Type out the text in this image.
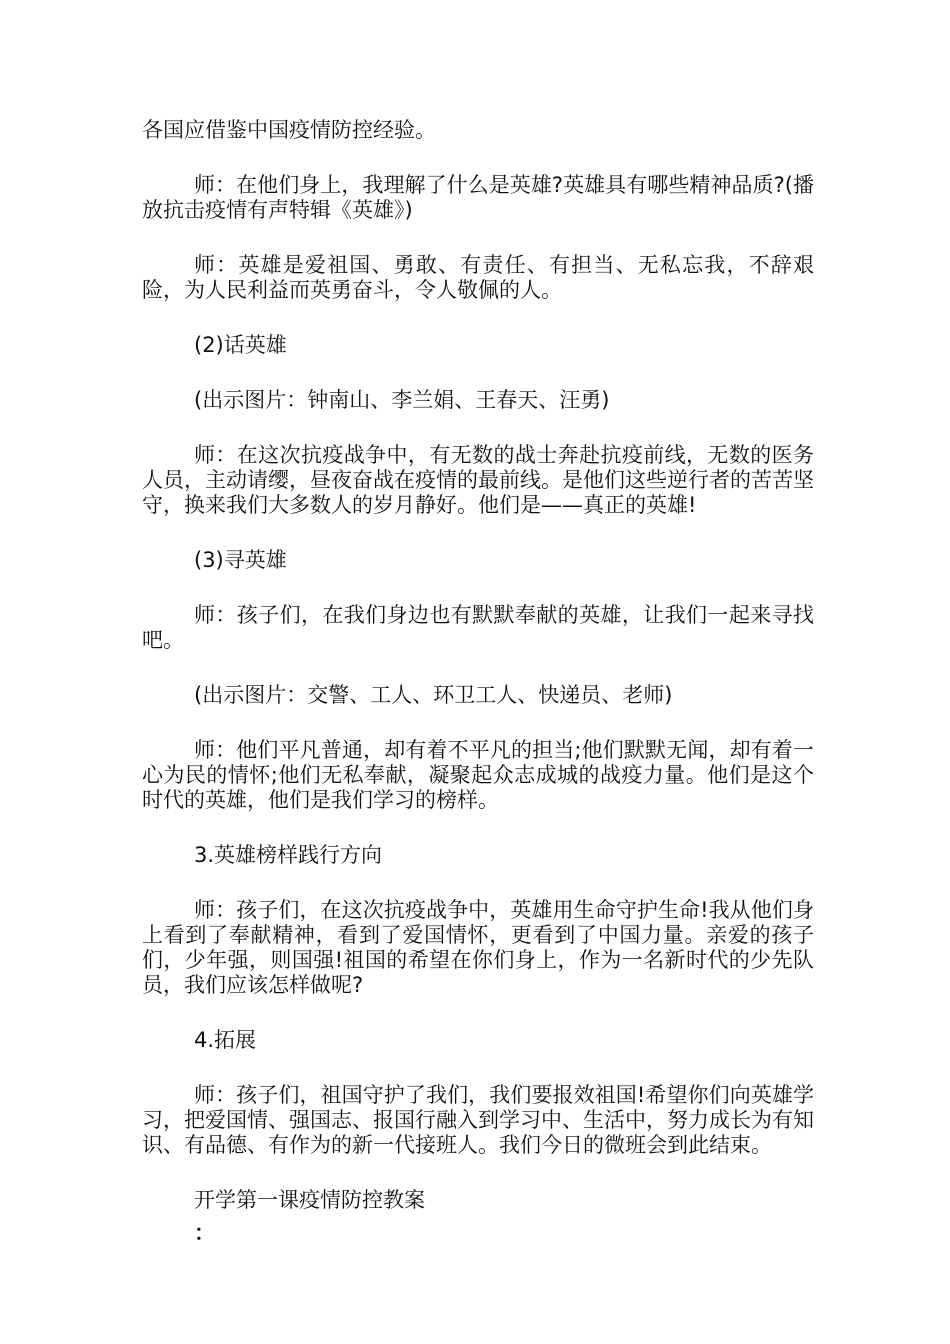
各国应借鉴中国疫情防控经验。

师：在他们身上，我理解了什么是英雄?英雄具有哪些精神品质?(播放抗击疫情有声特辑《英雄》)

师：英雄是爱祖国、勇敢、有责任、有担当、无私忘我，不辞艰险，为人民利益而英勇奋斗，令人敬佩的人。

(2)话英雄

(出示图片：钟南山、李兰娟、王春天、汪勇)

师：在这次抗疫战争中，有无数的战士奔赴抗疫前线，无数的医务人员，主动请缨，昼夜奋战在疫情的最前线。是他们这些逆行者的苦苦坚守，换来我们大多数人的岁月静好。他们是——真正的英雄!

(3)寻英雄

师：孩子们，在我们身边也有默默奉献的英雄，让我们一起来寻找吧。

(出示图片：交警、工人、环卫工人、快递员、老师)

师：他们平凡普通，却有着不平凡的担当;他们默默无闻，却有着一心为民的情怀;他们无私奉献，凝聚起众志成城的战疫力量。他们是这个时代的英雄，他们是我们学习的榜样。

3.英雄榜样践行方向

师：孩子们，在这次抗疫战争中，英雄用生命守护生命!我从他们身上看到了奉献精神，看到了爱国情怀，更看到了中国力量。亲爱的孩子们，少年强，则国强!祖国的希望在你们身上，作为一名新时代的少先队员，我们应该怎样做呢?

4.拓展

师：孩子们，祖国守护了我们，我们要报效祖国!希望你们向英雄学习，把爱国情、强国志、报国行融入到学习中、生活中，努力成长为有知识、有品德、有作为的新一代接班人。我们今日的微班会到此结束。

开学第一课疫情防控教案

：
